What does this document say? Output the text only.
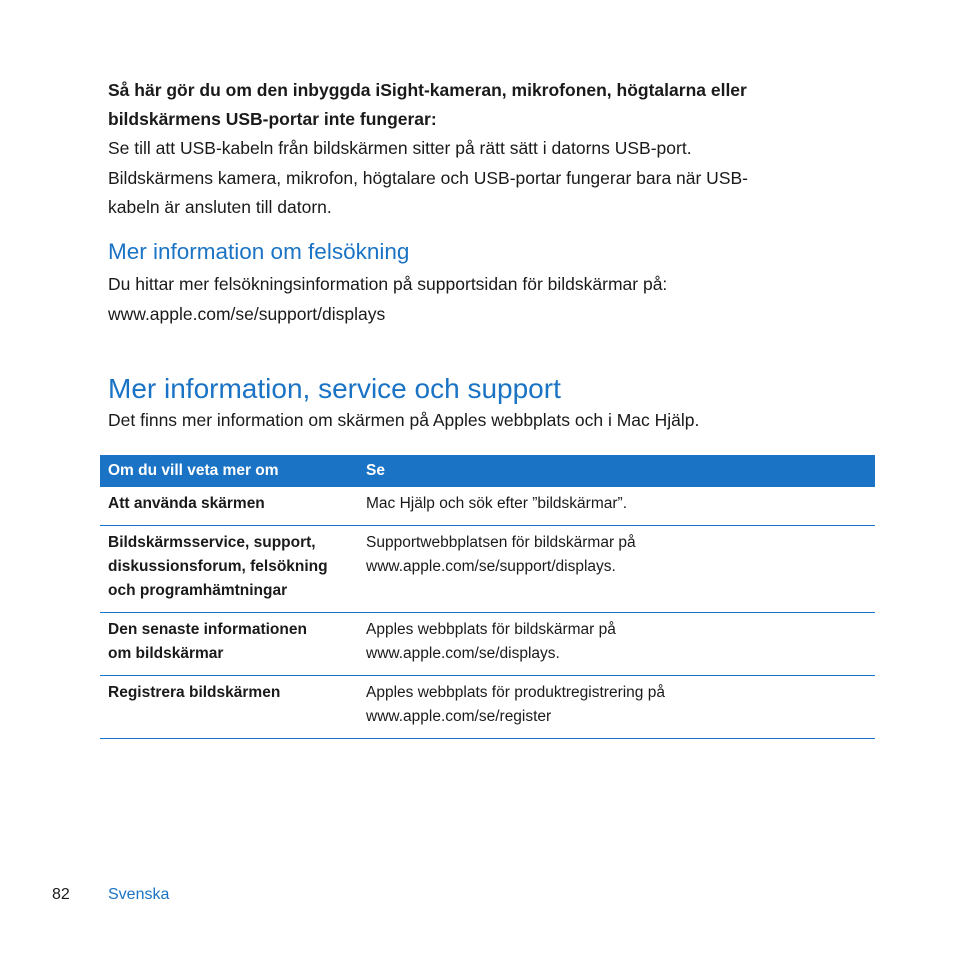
Så här gör du om den inbyggda iSight-kameran, mikrofonen, högtalarna eller bildskärmens USB-portar inte fungerar:

Se till att USB-kabeln från bildskärmen sitter på rätt sätt i datorns USB-port.
Bildskärmens kamera, mikrofon, högtalare och USB-portar fungerar bara när USB-
kabeln är ansluten till datorn.

Mer information om felsökning

Du hittar mer felsökningsinformation på supportsidan för bildskärmar på:
www.apple.com/se/support/displays

Mer information, service och support

Det finns mer information om skärmen på Apples webbplats och i Mac Hjälp.

Om du vill veta mer om	Se
Att använda skärmen	Mac Hjälp och sök efter ”bildskärmar”.
Bildskärmsservice, support,
diskussionsforum, felsökning
och programhämtningar	Supportwebbplatsen för bildskärmar på
www.apple.com/se/support/displays.
Den senaste informationen
om bildskärmar	Apples webbplats för bildskärmar på
www.apple.com/se/displays.
Registrera bildskärmen	Apples webbplats för produktregistrering på
www.apple.com/se/register
82 Svenska
